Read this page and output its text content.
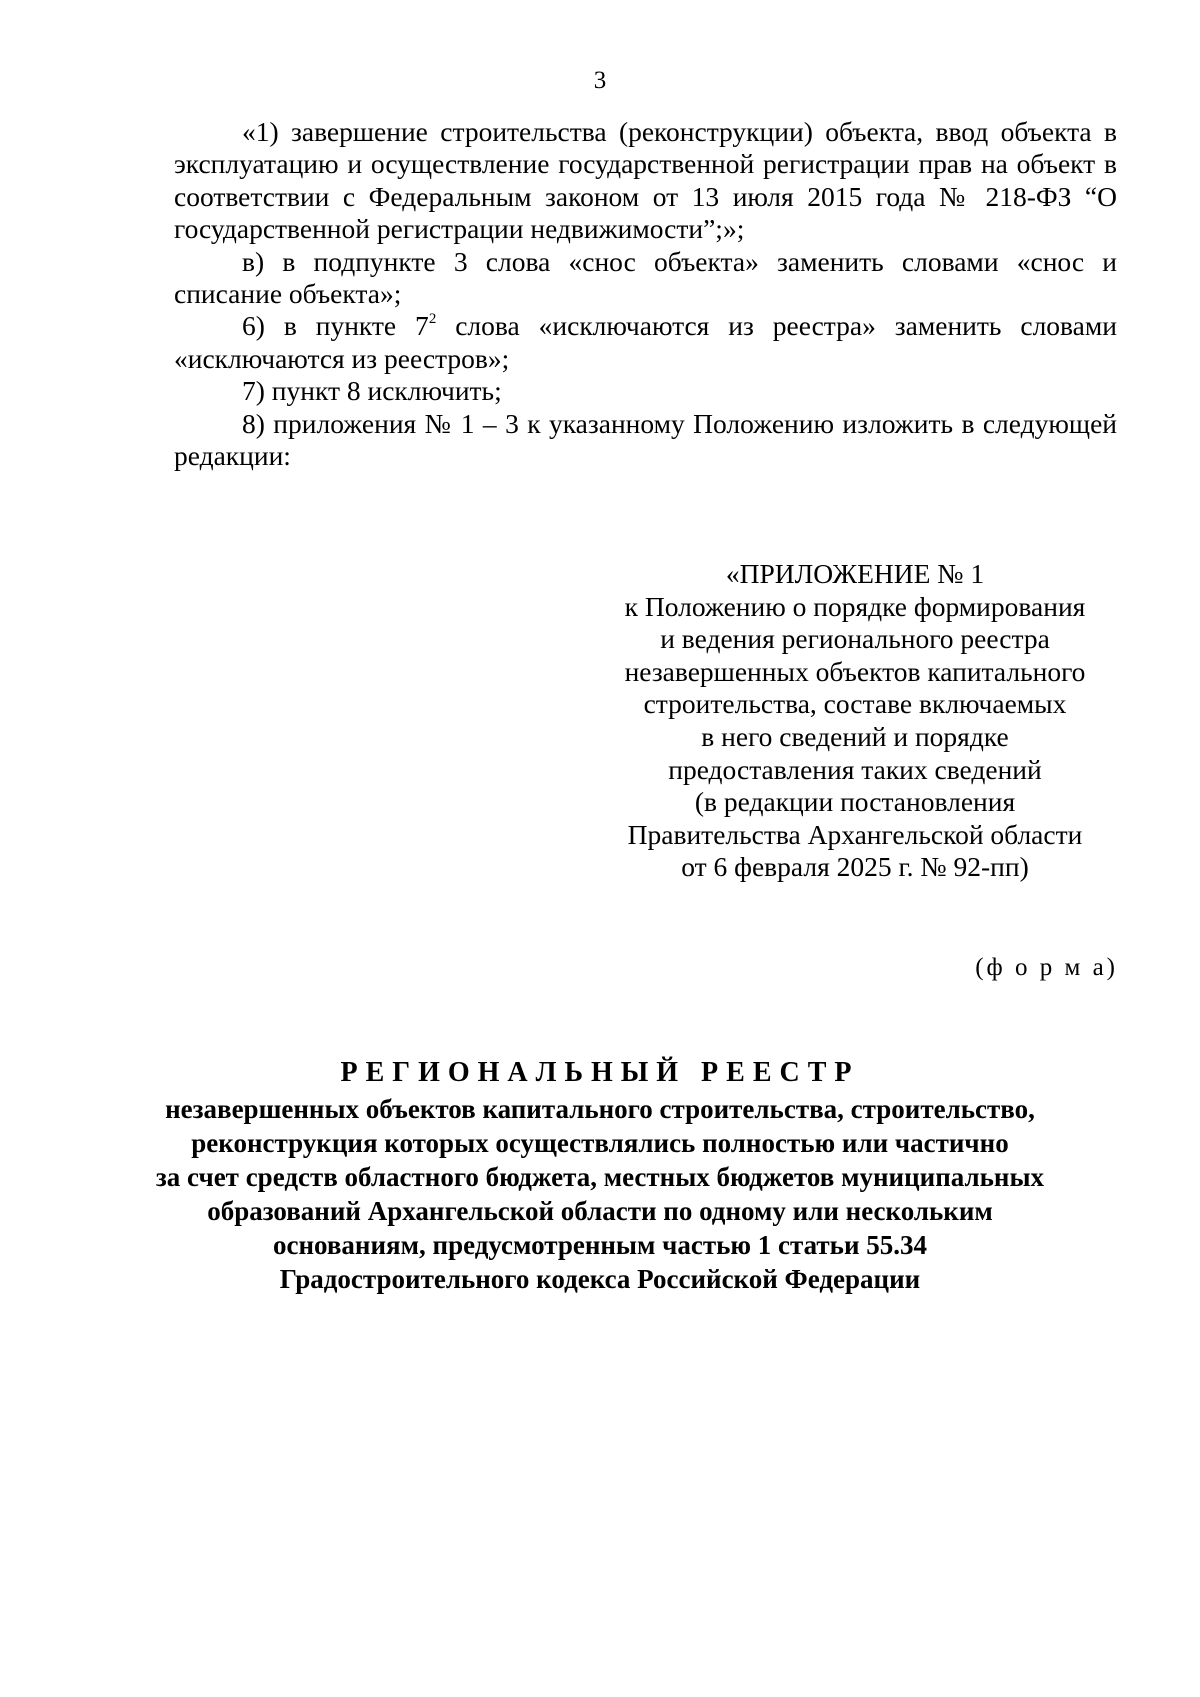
3

«1) завершение строительства (реконструкции) объекта, ввод объекта в эксплуатацию и осуществление государственной регистрации прав на объект в соответствии с Федеральным законом от 13 июля 2015 года № 218-ФЗ “О государственной регистрации недвижимости”;»;

в) в подпункте 3 слова «снос объекта» заменить словами «снос и списание объекта»;

6) в пункте $7^2$ слова «исключаются из реестра» заменить словами «исключаются из реестров»;

7) пункт 8 исключить;

8) приложения № 1 – 3 к указанному Положению изложить в следующей редакции:

«ПРИЛОЖЕНИЕ № 1
к Положению о порядке формирования
и ведения регионального реестра
незавершенных объектов капитального
строительства, составе включаемых
в него сведений и порядке
предоставления таких сведений
(в редакции постановления
Правительства Архангельской области
от 6 февраля 2025 г. № 92-пп)
(ф о р м а)
РЕГИОНАЛЬНЫЙ РЕЕСТР
незавершенных объектов капитального строительства, строительство,
реконструкция которых осуществлялись полностью или частично
за счет средств областного бюджета, местных бюджетов муниципальных
образований Архангельской области по одному или нескольким
основаниям, предусмотренным частью 1 статьи 55.34
Градостроительного кодекса Российской Федерации
